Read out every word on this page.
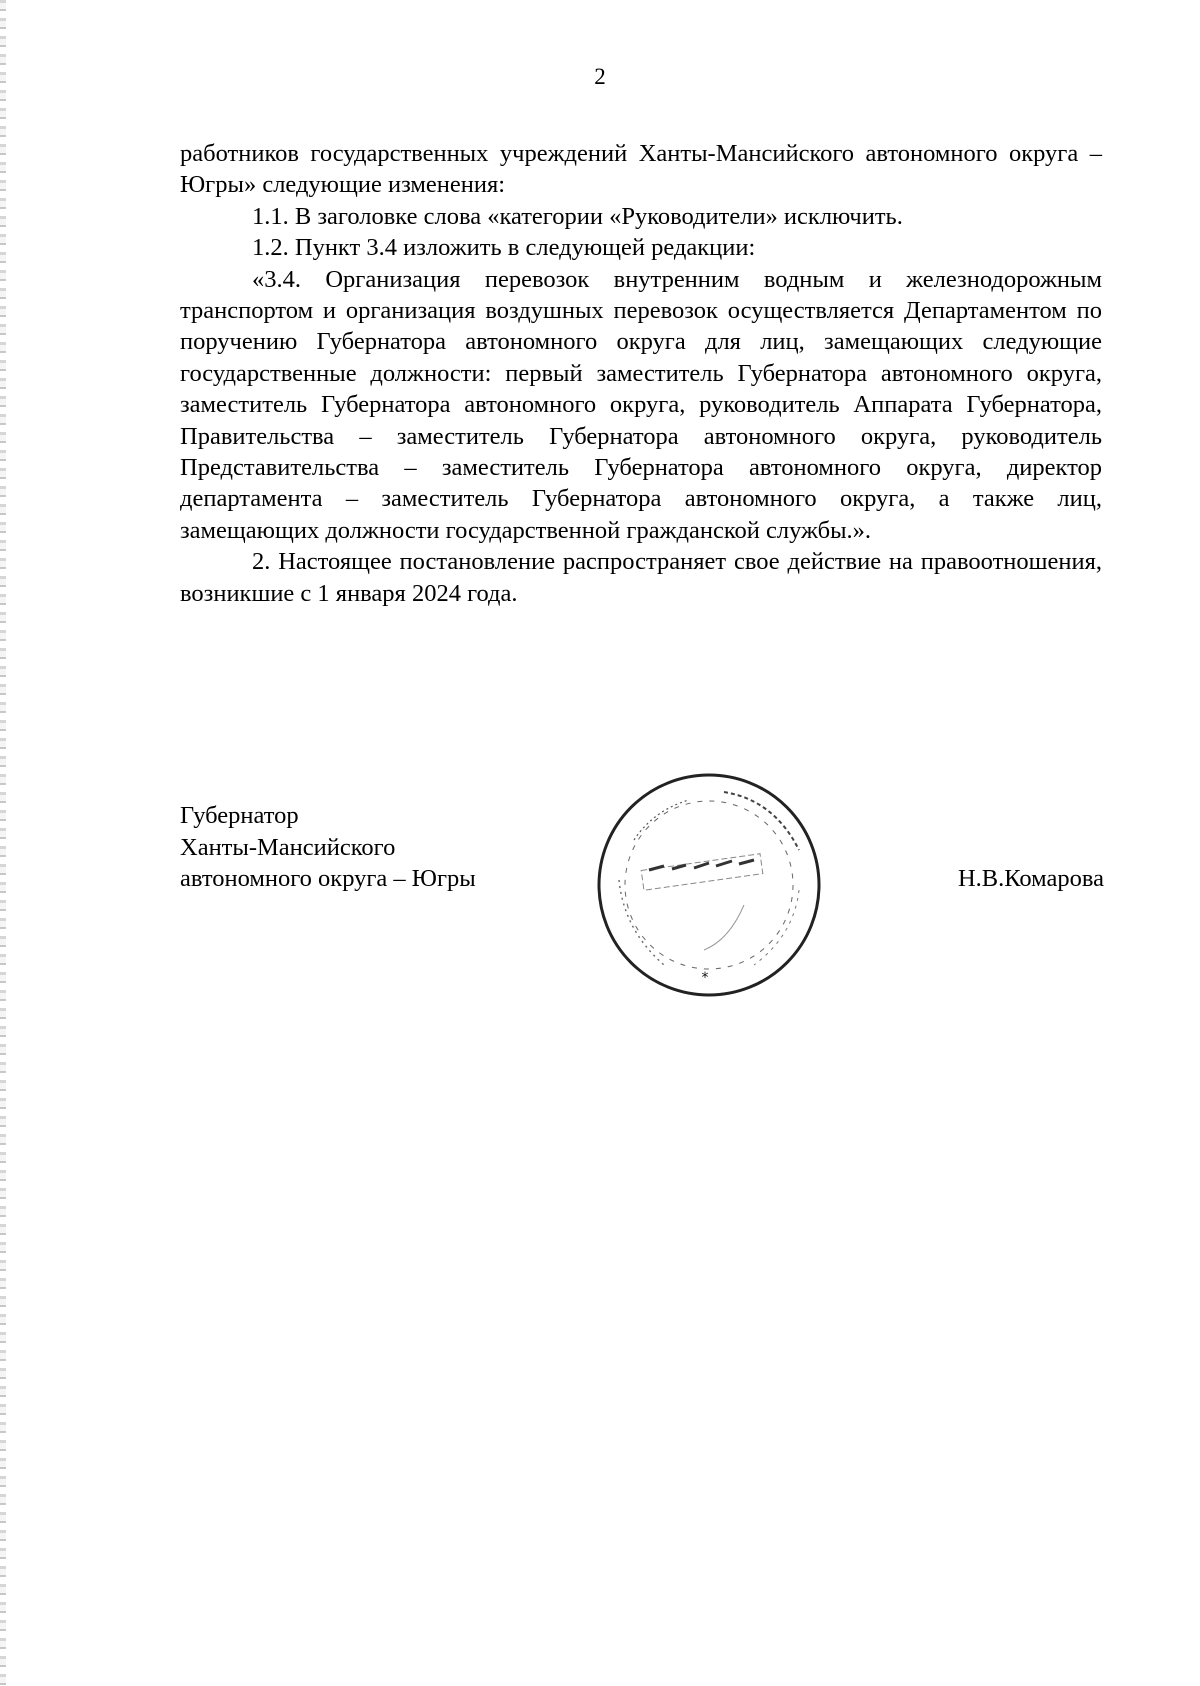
2

работников государственных учреждений Ханты-Мансийского автономного округа – Югры» следующие изменения:

1.1. В заголовке слова «категории «Руководители» исключить.

1.2. Пункт 3.4 изложить в следующей редакции:

«3.4. Организация перевозок внутренним водным и железнодорожным транспортом и организация воздушных перевозок осуществляется Департаментом по поручению Губернатора автономного округа для лиц, замещающих следующие государственные должности: первый заместитель Губернатора автономного округа, заместитель Губернатора автономного округа, руководитель Аппарата Губернатора, Правительства – заместитель Губернатора автономного округа, руководитель Представительства – заместитель Губернатора автономного округа, директор департамента – заместитель Губернатора автономного округа, а также лиц, замещающих должности государственной гражданской службы.».

2. Настоящее постановление распространяет свое действие на правоотношения, возникшие с 1 января 2024 года.

Губернатор
Ханты-Мансийского
автономного округа – Югры
*
Н.В.Комарова
